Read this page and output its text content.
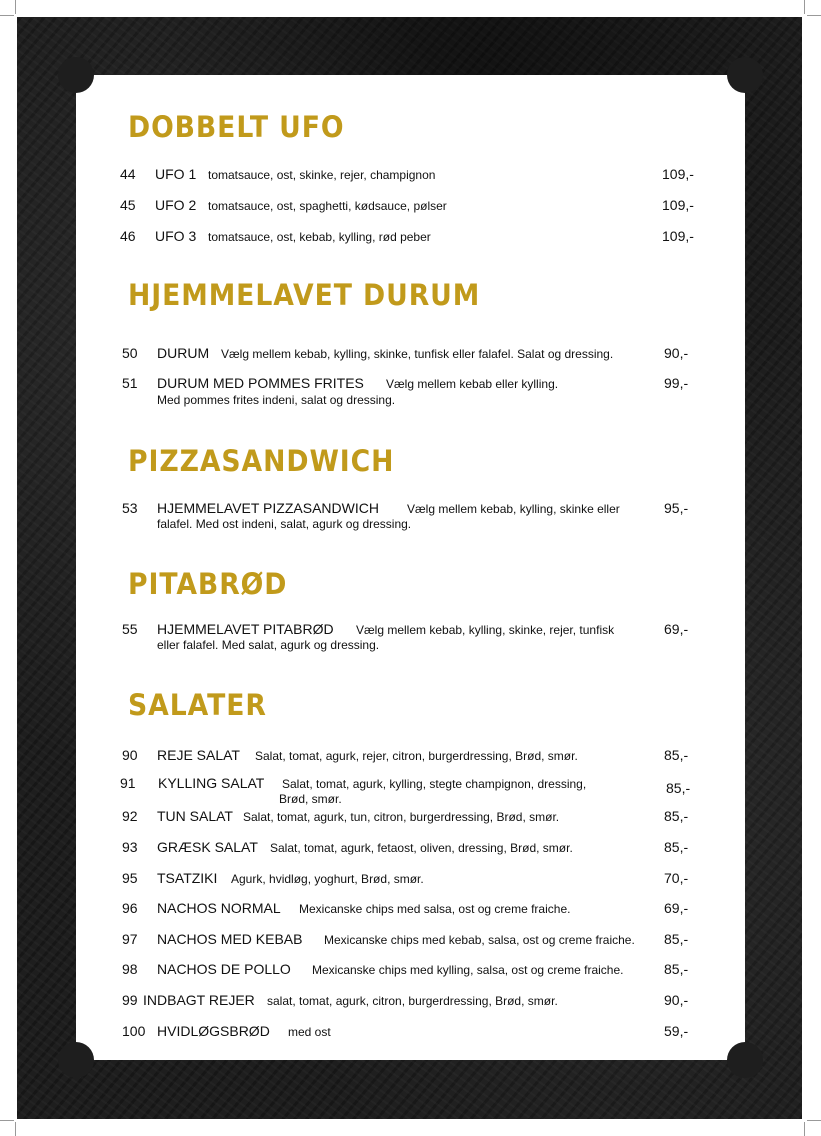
DOBBELT UFO
44 UFO 1 tomatsauce, ost, skinke, rejer, champignon	109,-
45 UFO 2 tomatsauce, ost, spaghetti, kødsauce, pølser	109,-
46 UFO 3 tomatsauce, ost, kebab, kylling, rød peber	109,-
HJEMMELAVET DURUM
50 DURUM Vælg mellem kebab, kylling, skinke, tunfisk eller falafel. Salat og dressing.	90,-
51 DURUM MED POMMES FRITES Vælg mellem kebab eller kylling.	99,-
Med pommes frites indeni, salat og dressing.
PIZZASANDWICH
53 HJEMMELAVET PIZZASANDWICH Vælg mellem kebab, kylling, skinke eller	95,-
falafel. Med ost indeni, salat, agurk og dressing.
PITABRØD
55 HJEMMELAVET PITABRØD Vælg mellem kebab, kylling, skinke, rejer, tunfisk	69,-
eller falafel. Med salat, agurk og dressing.
SALATER
90 REJE SALAT Salat, tomat, agurk, rejer, citron, burgerdressing, Brød, smør.	85,-
91 KYLLING SALAT Salat, tomat, agurk, kylling, stegte champignon, dressing,	85,-
Brød, smør.
92 TUN SALAT Salat, tomat, agurk, tun, citron, burgerdressing, Brød, smør.	85,-
93 GRÆSK SALAT Salat, tomat, agurk, fetaost, oliven, dressing, Brød, smør.	85,-
95 TSATZIKI Agurk, hvidløg, yoghurt, Brød, smør.	70,-
96 NACHOS NORMAL Mexicanske chips med salsa, ost og creme fraiche.	69,-
97 NACHOS MED KEBAB Mexicanske chips med kebab, salsa, ost og creme fraiche. 85,-
98 NACHOS DE POLLO Mexicanske chips med kylling, salsa, ost og creme fraiche.	85,-
99 INDBAGT REJER salat, tomat, agurk, citron, burgerdressing, Brød, smør.	90,-
100 HVIDLØGSBRØD med ost	59,-
